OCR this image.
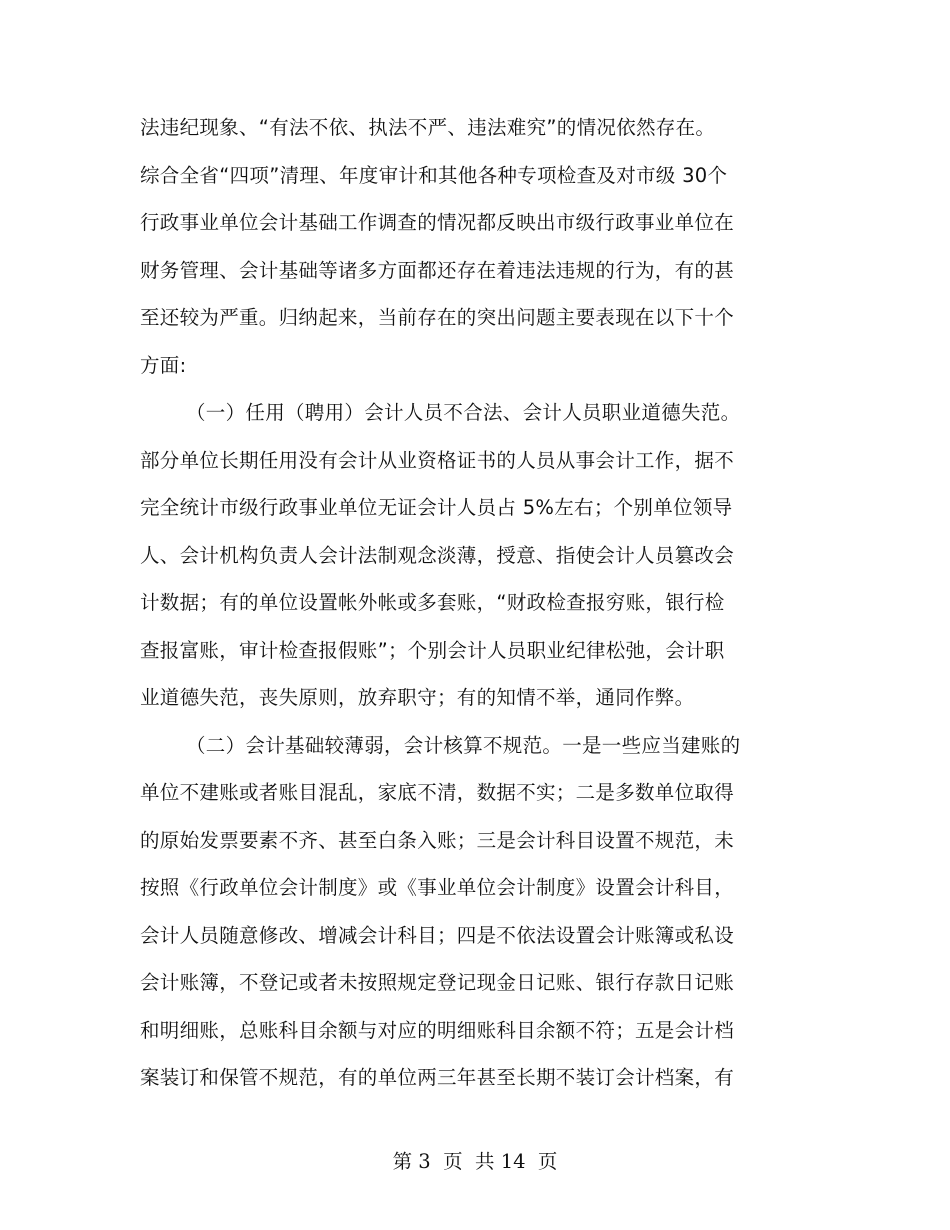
法违纪现象、“有法不依、执法不严、违法难究”的情况依然存在。
综合全省“四项”清理、年度审计和其他各种专项检查及对市级 30个
行政事业单位会计基础工作调查的情况都反映出市级行政事业单位在
财务管理、会计基础等诸多方面都还存在着违法违规的行为，有的甚
至还较为严重。归纳起来，当前存在的突出问题主要表现在以下十个
方面:
（一）任用（聘用）会计人员不合法、会计人员职业道德失范。
部分单位长期任用没有会计从业资格证书的人员从事会计工作，据不
完全统计市级行政事业单位无证会计人员占 5%左右；个别单位领导
人、会计机构负责人会计法制观念淡薄，授意、指使会计人员篡改会
计数据；有的单位设置帐外帐或多套账，“财政检查报穷账，银行检
查报富账，审计检查报假账”；个别会计人员职业纪律松弛，会计职
业道德失范，丧失原则，放弃职守；有的知情不举，通同作弊。
（二）会计基础较薄弱，会计核算不规范。一是一些应当建账的
单位不建账或者账目混乱，家底不清，数据不实；二是多数单位取得
的原始发票要素不齐、甚至白条入账；三是会计科目设置不规范，未
按照《行政单位会计制度》或《事业单位会计制度》设置会计科目，
会计人员随意修改、增减会计科目；四是不依法设置会计账簿或私设
会计账簿，不登记或者未按照规定登记现金日记账、银行存款日记账
和明细账，总账科目余额与对应的明细账科目余额不符；五是会计档
案装订和保管不规范，有的单位两三年甚至长期不装订会计档案，有
第 3  页  共 14  页
